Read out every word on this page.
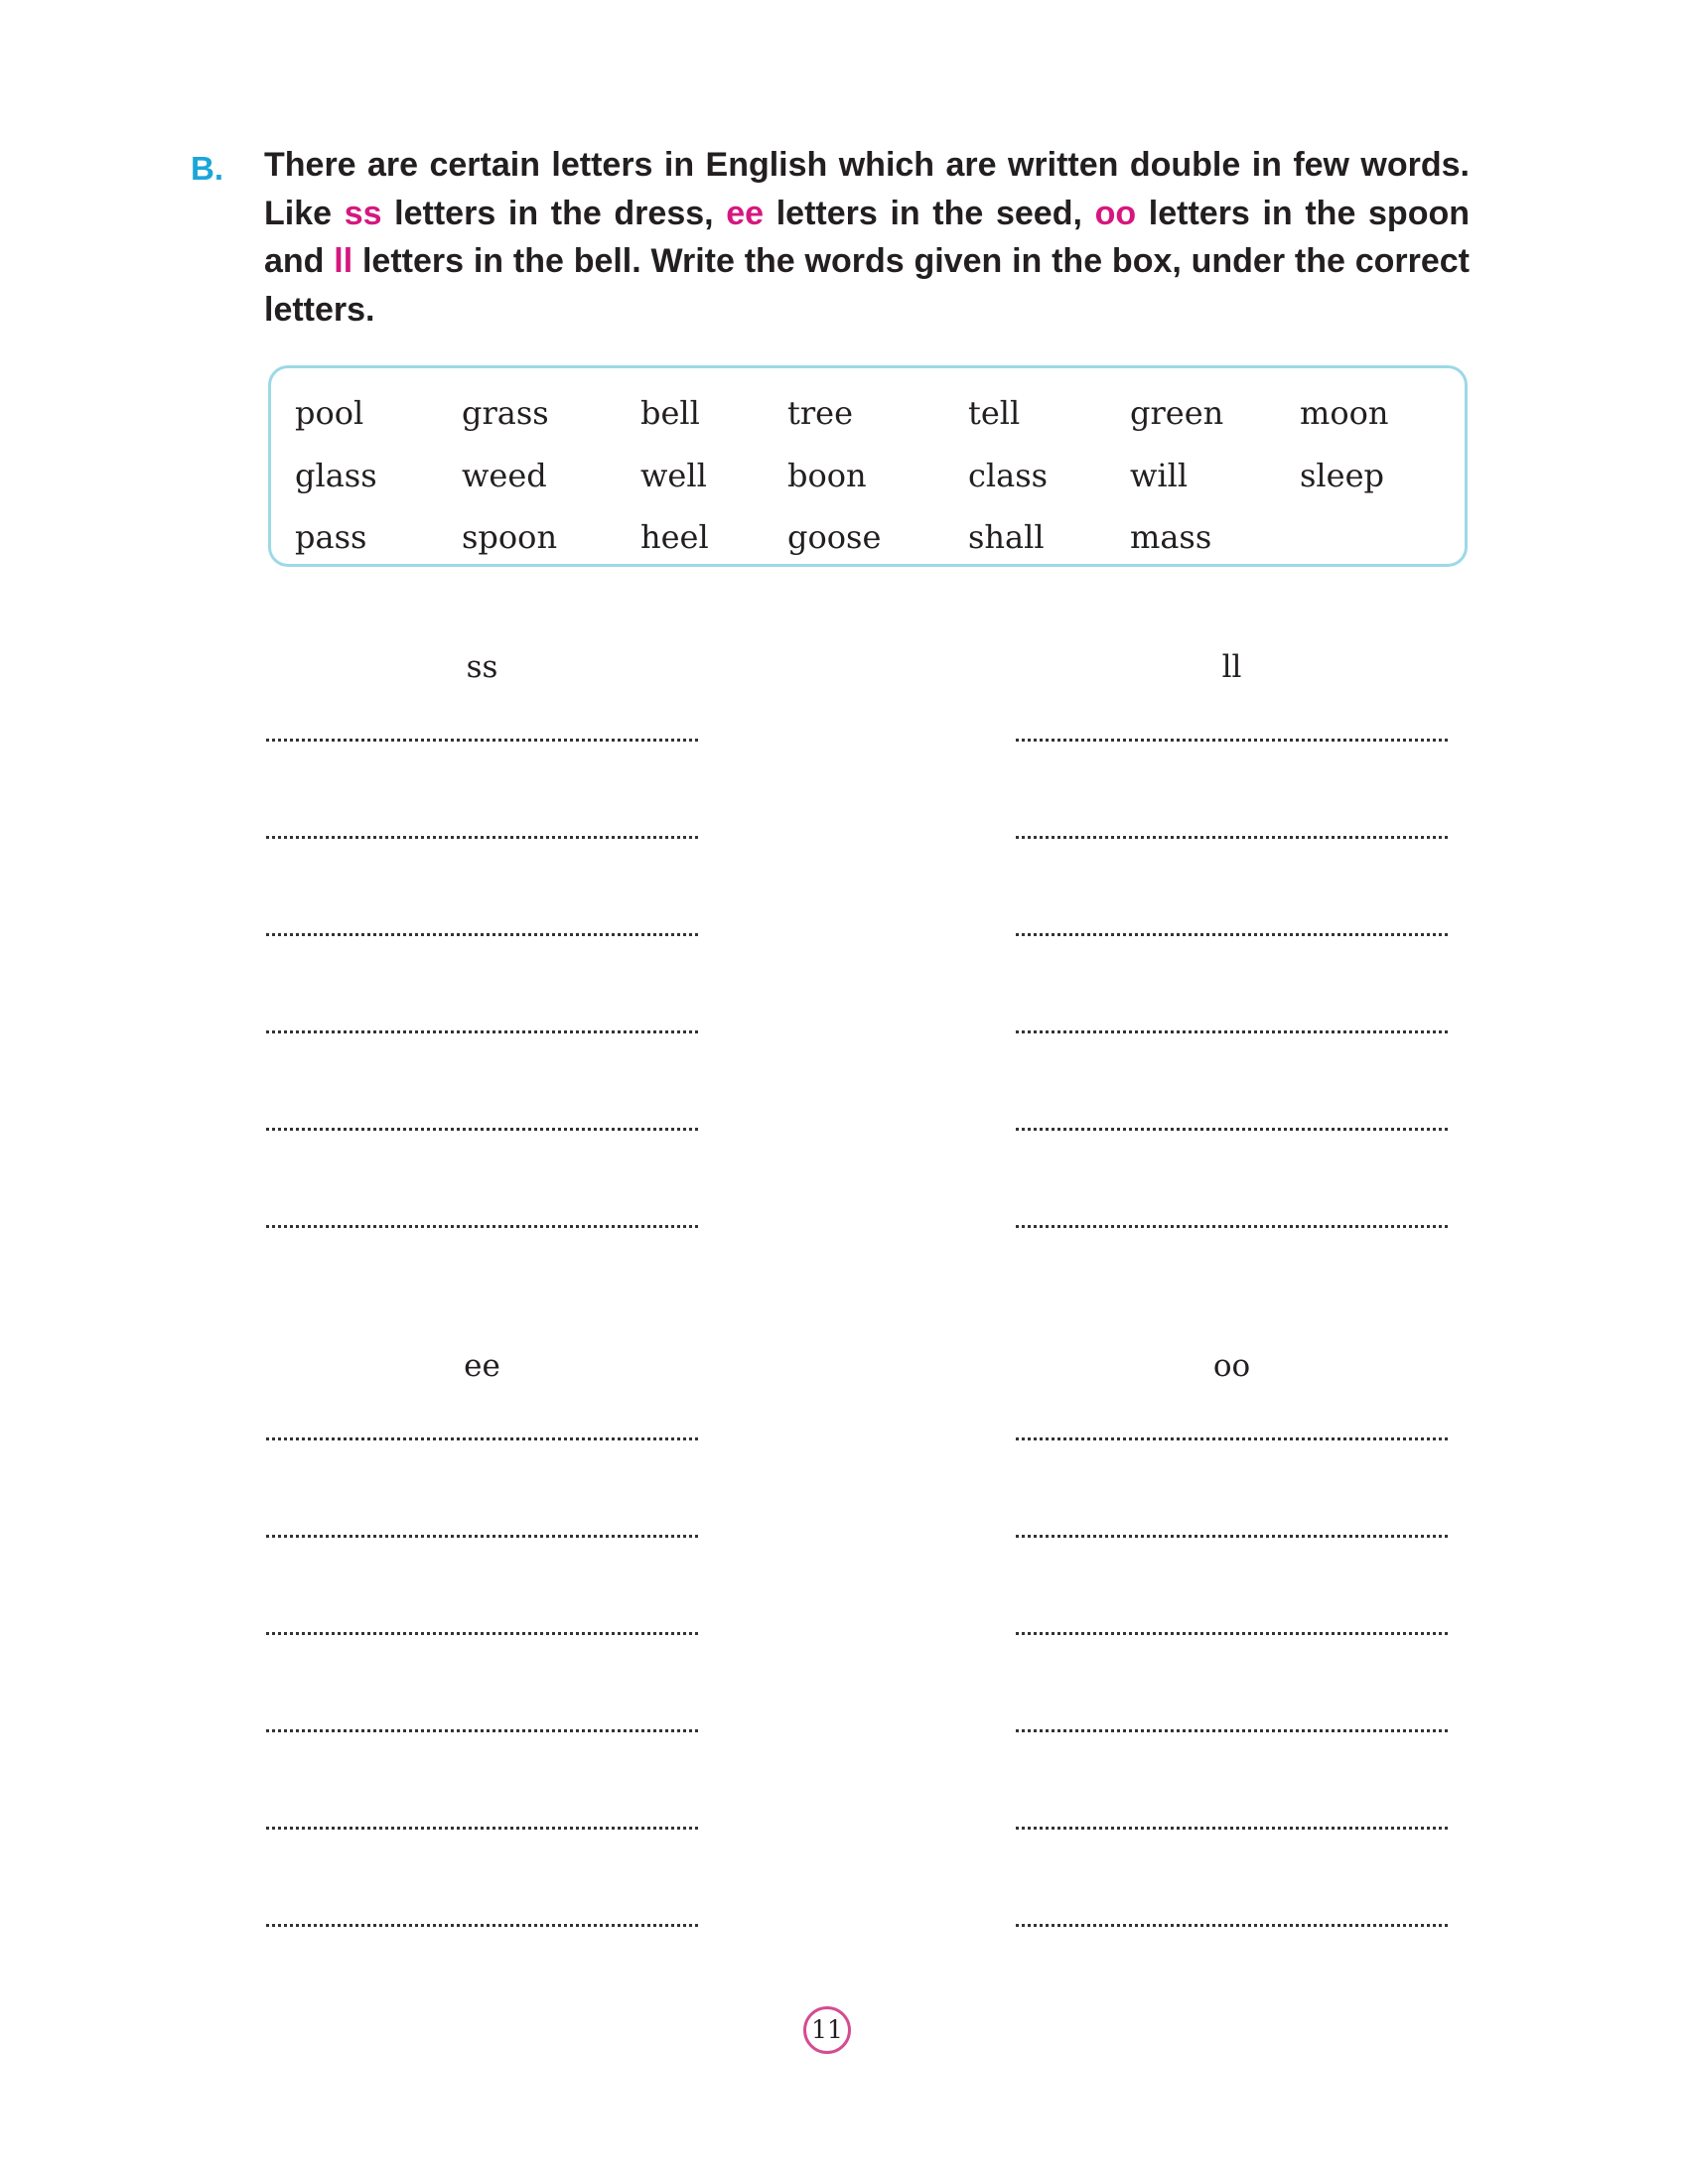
B. There are certain letters in English which are written double in few words. Like ss letters in the dress, ee letters in the seed, oo letters in the spoon and ll letters in the bell. Write the words given in the box, under the correct letters.
pool	grass	bell	tree	tell	green	moon
glass	weed	well	boon	class	will	sleep
pass	spoon	heel	goose	shall	mass
ss	ll
ee	oo
11
